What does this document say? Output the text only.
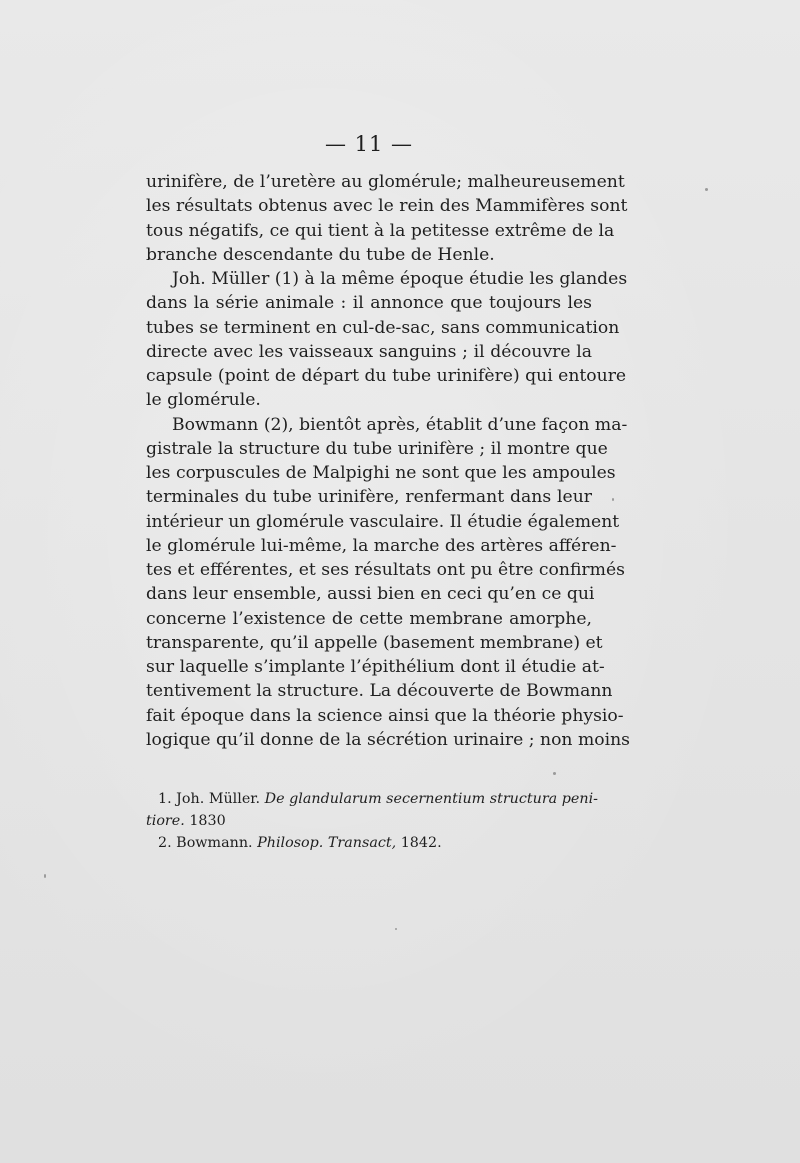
— 11 —
urinifère, de l’uretère au glomérule; malheureusement
les résultats obtenus avec le rein des Mammifères sont
tous négatifs, ce qui tient à la petitesse extrême de la
branche descendante du tube de Henle.
Joh. Müller (1) à la même époque étudie les glandes
dans la série animale : il annonce que toujours les
tubes se terminent en cul-de-sac, sans communication
directe avec les vaisseaux sanguins ; il découvre la
capsule (point de départ du tube urinifère) qui entoure
le glomérule.
Bowmann (2), bientôt après, établit d’une façon ma-
gistrale la structure du tube urinifère ; il montre que
les corpuscules de Malpighi ne sont que les ampoules
terminales du tube urinifère, renfermant dans leur
intérieur un glomérule vasculaire. Il étudie également
le glomérule lui-même, la marche des artères afféren-
tes et efférentes, et ses résultats ont pu être confirmés
dans leur ensemble, aussi bien en ceci qu’en ce qui
concerne l’existence de cette membrane amorphe,
transparente, qu’il appelle (basement membrane) et
sur laquelle s’implante l’épithélium dont il étudie at-
tentivement la structure. La découverte de Bowmann
fait époque dans la science ainsi que la théorie physio-
logique qu’il donne de la sécrétion urinaire ; non moins
1. Joh. Müller. De glandularum secernentium structura peni-
tiore. 1830
2. Bowmann. Philosop. Transact, 1842.
